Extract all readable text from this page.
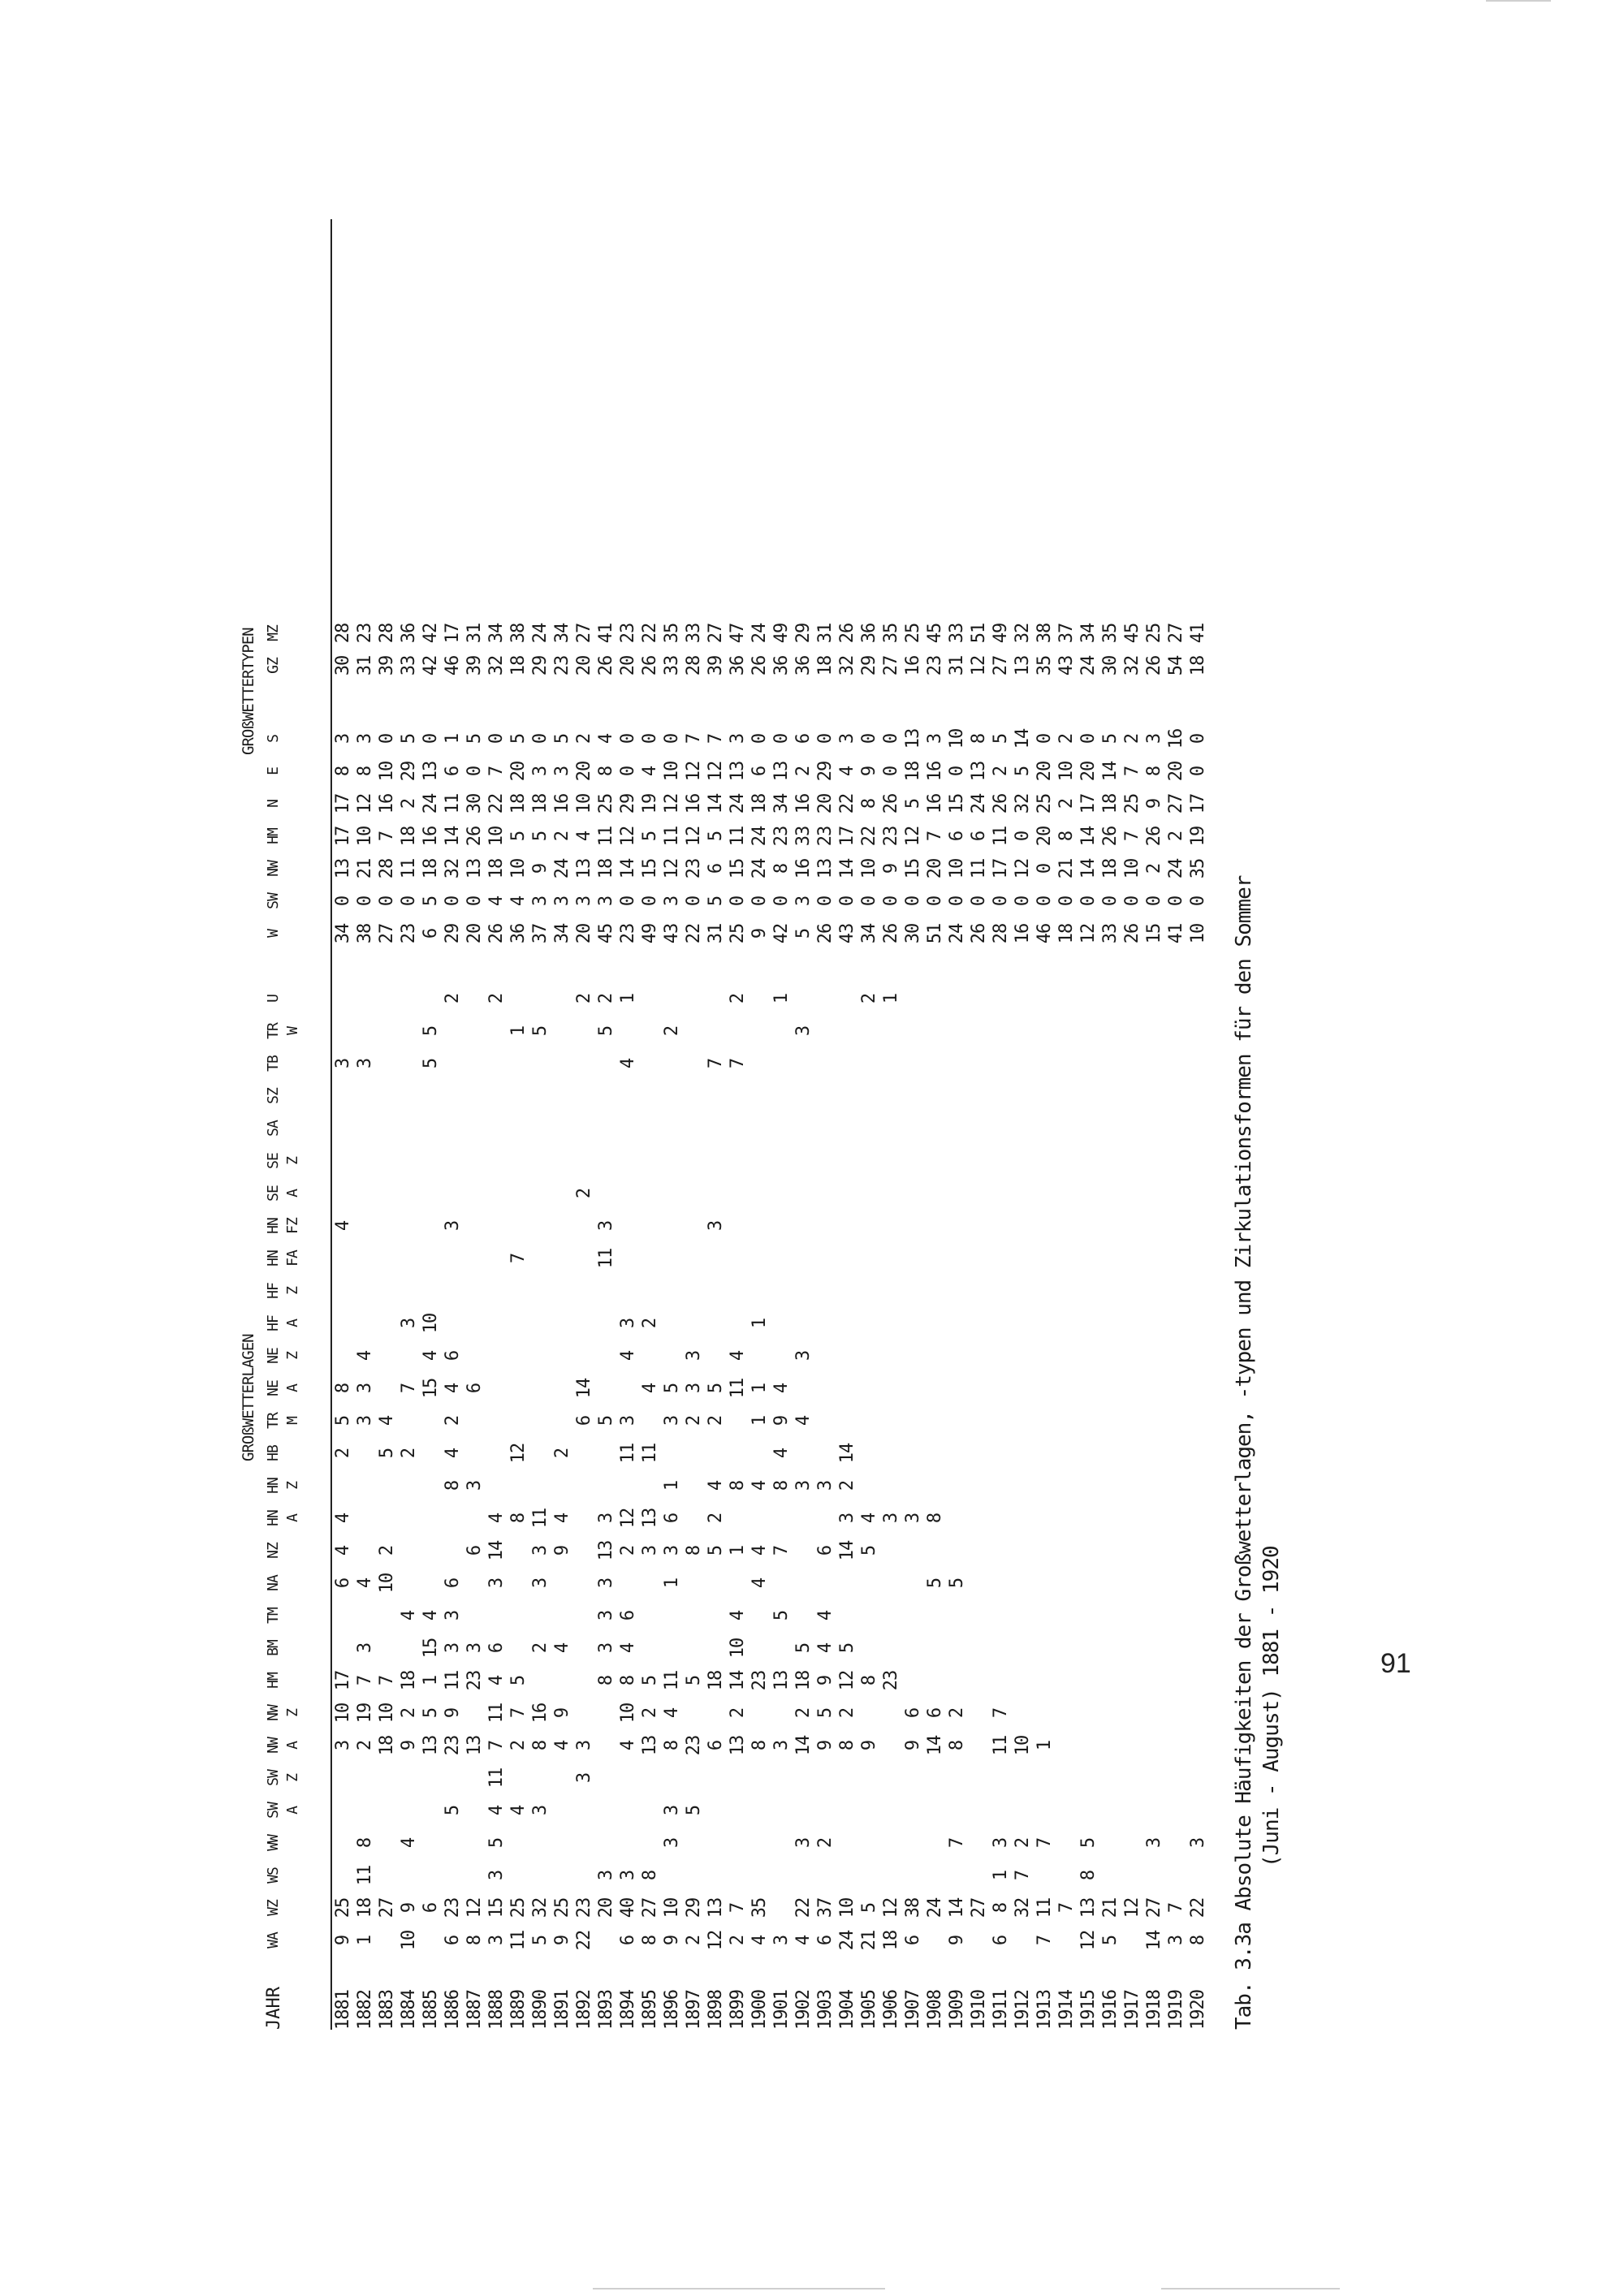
GROßWETTERLAGEN
GROßWETTERTYPEN
JAHR
WA
WZ
WS
WW
SW A
SW Z
NW A
NW Z
HM
BM
TM
NA
NZ
HN A
HN Z
HB
TR M
NE A
NE Z
HF A
HF Z
HN FA
HN FZ
SE A
SE Z
SA
SZ
TB
TR W
U
W
SW
NW
HM
N
E
S
GZ
MZ
1881
9
25
3
10
17
6
4
4
2
5
8
4
3
34
0
13
17
17
8
3
30
28
1882
1
18
11
8
2
19
7
3
4
3
3
4
3
38
0
21
10
12
8
3
31
23
1883
27
18
10
7
10
2
5
4
27
0
28
7
16
10
0
39
28
1884
10
9
4
9
2
18
4
2
7
3
23
0
11
18
2
29
5
33
36
1885
6
13
5
1
15
4
15
4
10
5
5
6
5
18
16
24
13
0
42
42
1886
6
23
5
23
9
11
3
3
6
8
4
2
4
6
3
2
29
0
32
14
11
6
1
46
17
1887
8
12
13
23
3
6
3
6
20
0
13
26
30
0
5
39
31
1888
3
15
3
5
4
11
7
11
4
6
3
14
4
2
26
4
18
10
22
7
0
32
34
1889
11
25
4
2
7
5
8
12
7
1
36
4
10
5
18
20
5
18
38
1890
5
32
3
8
16
2
3
3
11
5
37
3
9
5
18
3
0
29
24
1891
9
25
4
9
4
9
4
2
34
3
24
2
16
3
5
23
34
1892
22
23
3
3
6
14
2
2
20
3
13
4
10
20
2
20
27
1893
20
3
8
3
3
3
13
3
5
11
3
5
2
45
3
18
11
25
8
4
26
41
1894
6
40
3
4
10
8
4
6
2
12
11
3
4
3
4
1
23
0
14
12
29
0
0
20
23
1895
8
27
8
13
2
5
3
13
11
4
2
49
0
15
5
19
4
0
26
22
1896
9
10
3
3
8
4
11
1
3
6
1
3
5
2
43
3
12
11
12
10
0
33
35
1897
2
29
5
23
5
8
2
3
3
22
0
23
12
16
12
7
28
33
1898
12
13
6
18
5
2
4
2
5
3
7
31
5
6
5
14
12
7
39
27
1899
2
7
13
2
14
10
4
1
8
11
4
7
2
25
0
15
11
24
13
3
36
47
1900
4
35
8
23
4
4
4
1
1
1
9
0
24
24
18
6
0
26
24
1901
3
3
13
5
7
8
4
9
4
1
42
0
8
23
34
13
0
36
49
1902
4
22
3
14
2
18
5
3
4
3
3
5
3
16
33
16
2
6
36
29
1903
6
37
2
9
5
9
4
4
6
3
26
0
13
23
20
29
0
18
31
1904
24
10
8
2
12
5
14
3
2
14
43
0
14
17
22
4
3
32
26
1905
21
5
9
8
5
4
2
34
0
10
22
8
9
0
29
36
1906
18
12
23
3
1
26
0
9
23
26
0
0
27
35
1907
6
38
9
6
3
30
0
15
12
5
18
13
16
25
1908
24
14
6
5
8
51
0
20
7
16
16
3
23
45
1909
9
14
7
8
2
5
24
0
10
6
15
0
10
31
33
1910
27
26
0
11
6
24
13
8
12
51
1911
6
8
1
3
11
7
28
0
17
11
26
2
5
27
49
1912
32
7
2
10
16
0
12
0
32
5
14
13
32
1913
7
11
7
1
46
0
0
20
25
20
0
35
38
1914
7
18
0
21
8
2
10
2
43
37
1915
12
13
8
5
12
0
14
14
17
20
0
24
34
1916
5
21
33
0
18
26
18
14
5
30
35
1917
12
26
0
10
7
25
7
2
32
45
1918
14
27
3
15
0
2
26
9
8
3
26
25
1919
3
7
41
0
24
2
27
20
16
54
27
1920
8
22
3
10
0
35
19
17
0
0
18
41
Tab. 3.3a Absolute Häufigkeiten der Großwetterlagen, -typen und Zirkulationsformen für den Sommer (Juni - August) 1881 - 1920	91
